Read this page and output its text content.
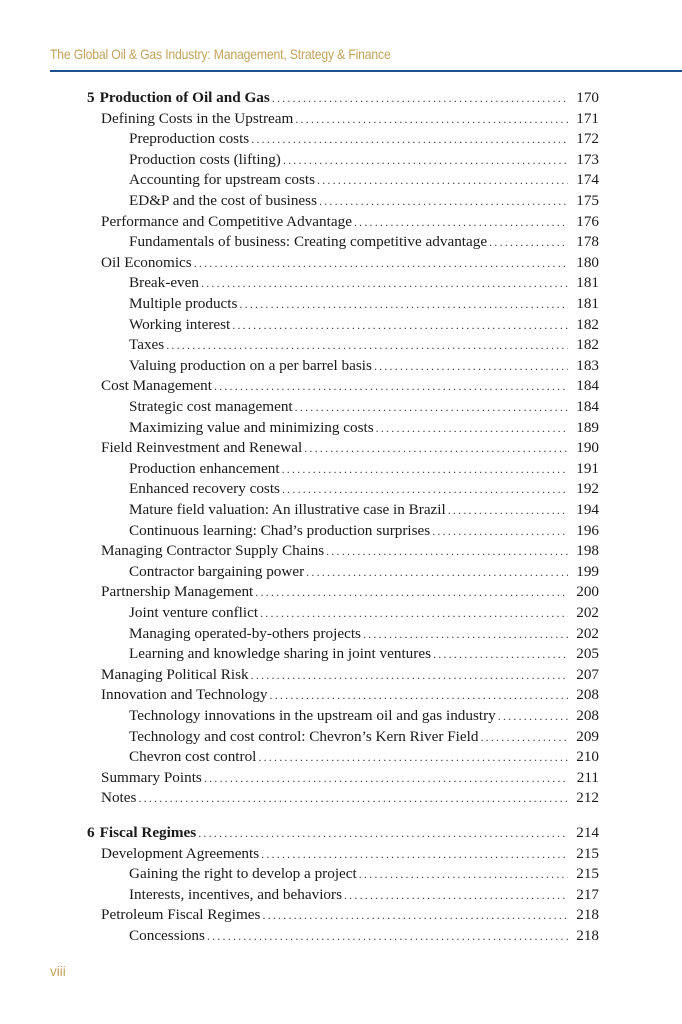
The Global Oil & Gas Industry: Management, Strategy & Finance
5 Production of Oil and Gas . . .	170
Defining Costs in the Upstream . . .	171
Preproduction costs . . .	172
Production costs (lifting) . . .	173
Accounting for upstream costs . . .	174
ED&P and the cost of business . . .	175
Performance and Competitive Advantage . . .	176
Fundamentals of business: Creating competitive advantage . . .	178
Oil Economics . . .	180
Break-even . . .	181
Multiple products . . .	181
Working interest . . .	182
Taxes . . .	182
Valuing production on a per barrel basis . . .	183
Cost Management . . .	184
Strategic cost management . . .	184
Maximizing value and minimizing costs . . .	189
Field Reinvestment and Renewal . . .	190
Production enhancement . . .	191
Enhanced recovery costs . . .	192
Mature field valuation: An illustrative case in Brazil . . .	194
Continuous learning: Chad’s production surprises . . .	196
Managing Contractor Supply Chains . . .	198
Contractor bargaining power . . .	199
Partnership Management . . .	200
Joint venture conflict . . .	202
Managing operated-by-others projects . . .	202
Learning and knowledge sharing in joint ventures . . .	205
Managing Political Risk . . .	207
Innovation and Technology . . .	208
Technology innovations in the upstream oil and gas industry . . .	208
Technology and cost control: Chevron’s Kern River Field . . .	209
Chevron cost control . . .	210
Summary Points . . .	211
Notes . . .	212
6 Fiscal Regimes . . .	214
Development Agreements . . .	215
Gaining the right to develop a project . . .	215
Interests, incentives, and behaviors . . .	217
Petroleum Fiscal Regimes . . .	218
Concessions . . .	218
viii
